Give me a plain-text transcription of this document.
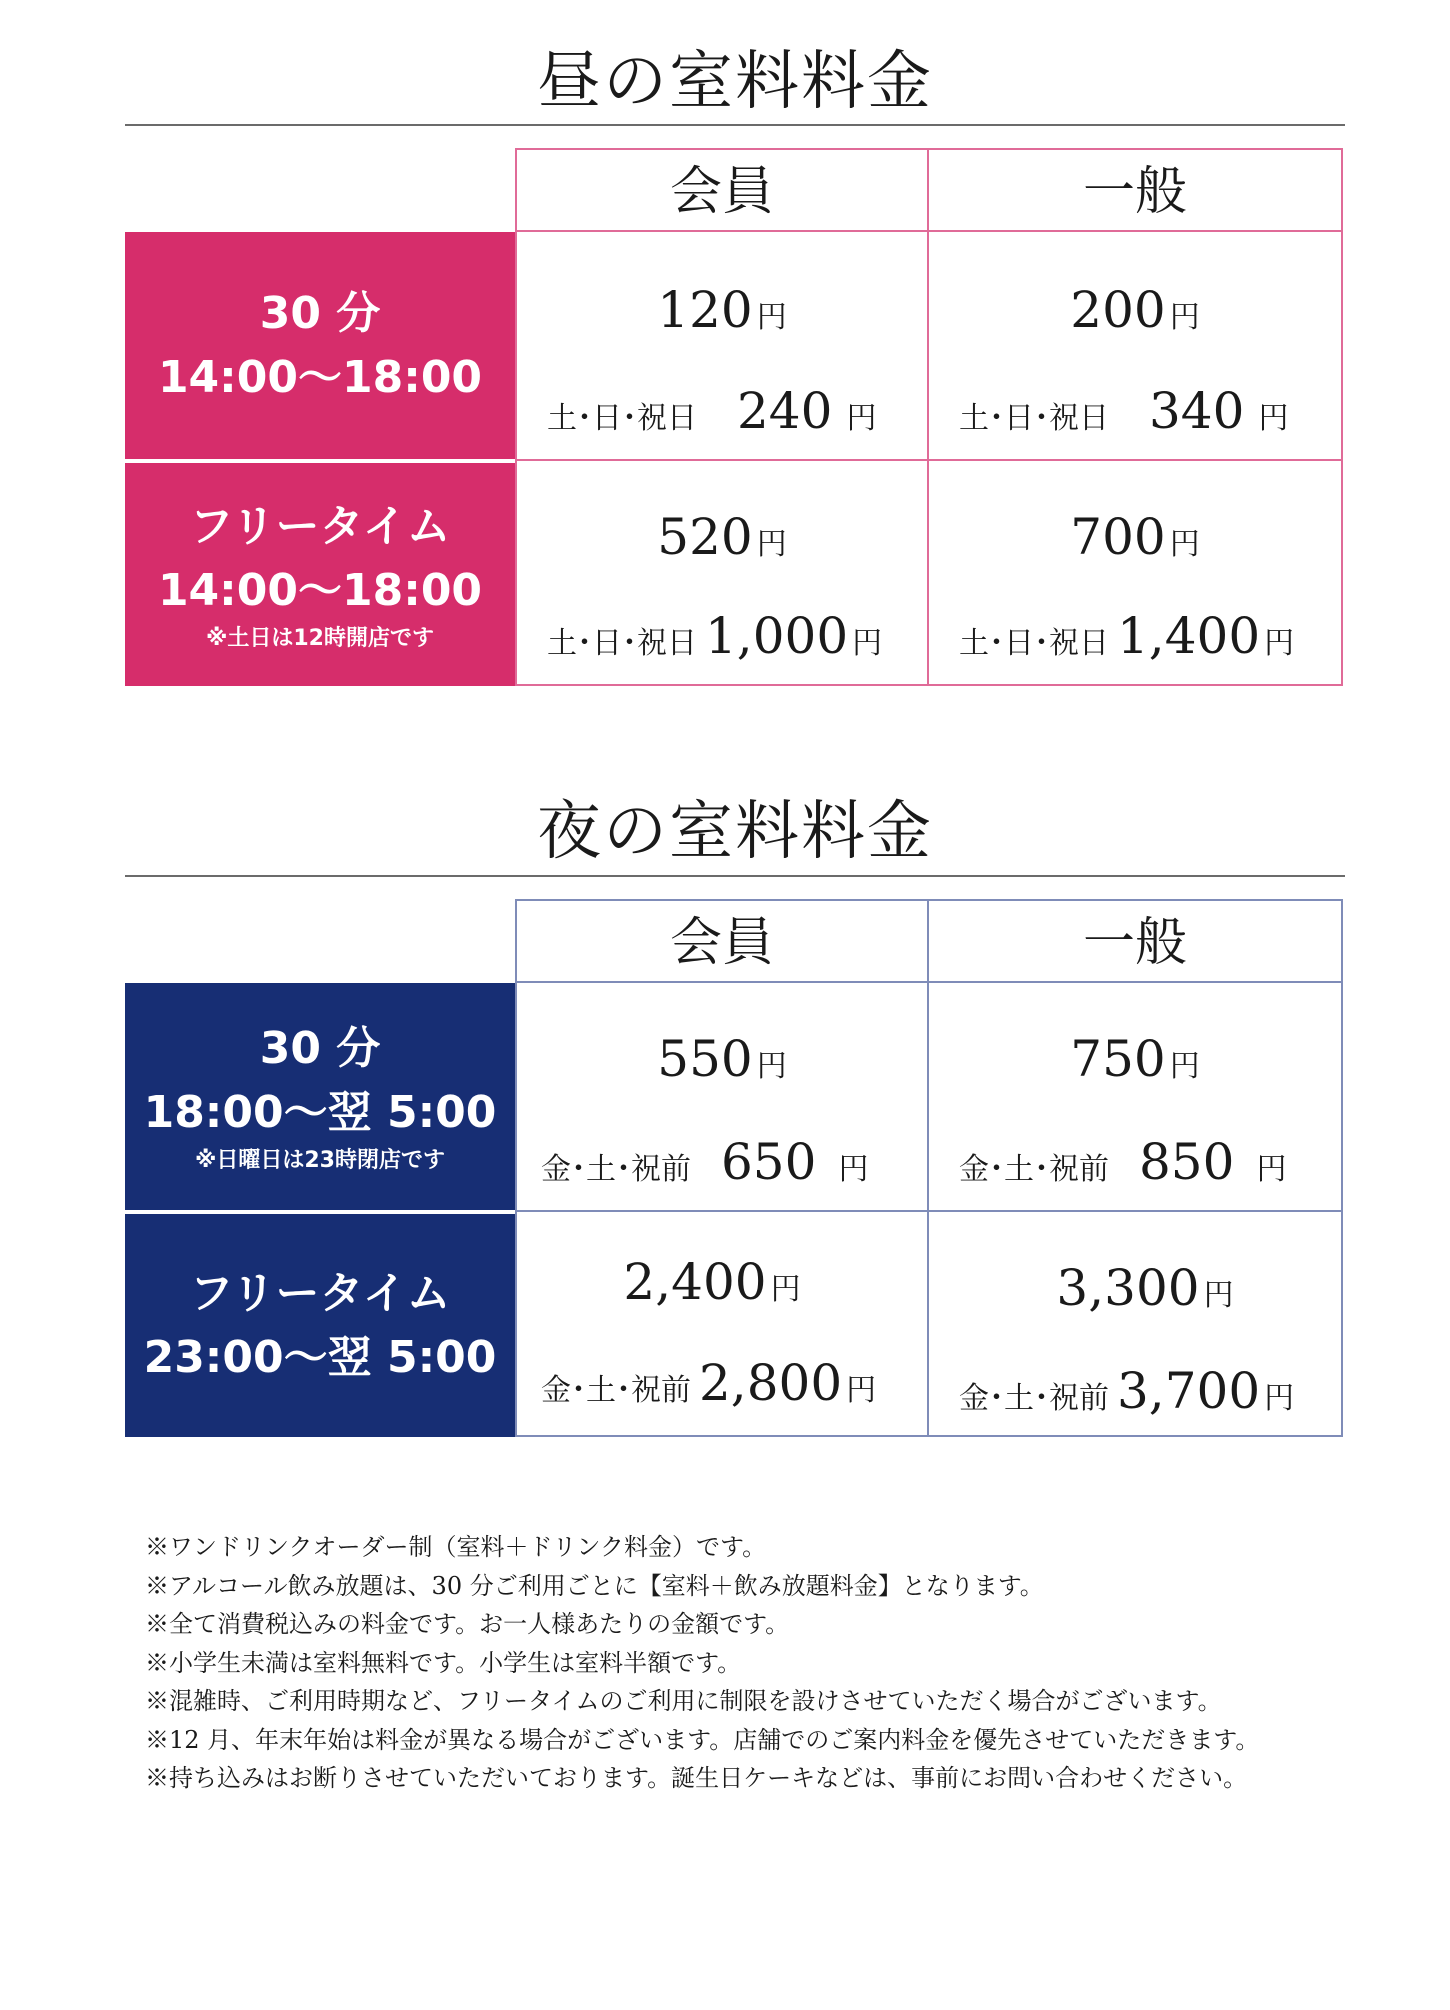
昼の室料料金
会員	一般
30 分
14:00〜18:00
120 円
土･日･祝日 240 円
200 円
土･日･祝日 340 円
フリータイム
14:00〜18:00
※土日は12時開店です
520 円
土･日･祝日 1,000 円
700 円
土･日･祝日 1,400 円
夜の室料料金
会員	一般
30 分
18:00〜翌 5:00
※日曜日は23時閉店です
550 円
金･土･祝前 650 円
750 円
金･土･祝前 850 円
フリータイム
23:00〜翌 5:00
2,400 円
金･土･祝前 2,800 円
3,300 円
金･土･祝前 3,700 円
※ワンドリンクオーダー制（室料＋ドリンク料金）です。
※アルコール飲み放題は、30 分ご利用ごとに【室料＋飲み放題料金】となります。
※全て消費税込みの料金です。お一人様あたりの金額です。
※小学生未満は室料無料です。小学生は室料半額です。
※混雑時、ご利用時期など、フリータイムのご利用に制限を設けさせていただく場合がございます。
※12 月、年末年始は料金が異なる場合がございます。店舗でのご案内料金を優先させていただきます。
※持ち込みはお断りさせていただいております。誕生日ケーキなどは、事前にお問い合わせください。
